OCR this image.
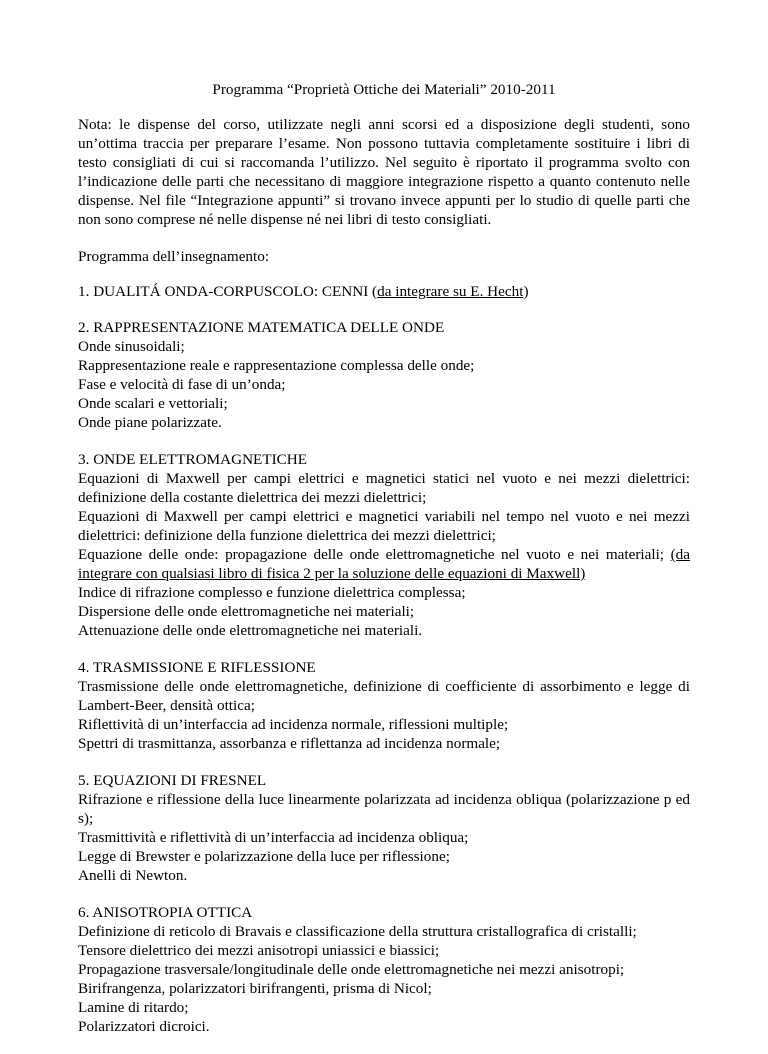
Programma “Proprietà Ottiche dei Materiali” 2010-2011
Nota: le dispense del corso, utilizzate negli anni scorsi ed a disposizione degli studenti, sono un’ottima traccia per preparare l’esame. Non possono tuttavia completamente sostituire i libri di testo consigliati di cui si raccomanda l’utilizzo. Nel seguito è riportato il programma svolto con l’indicazione delle parti che necessitano di maggiore integrazione rispetto a quanto contenuto nelle dispense. Nel file “Integrazione appunti” si trovano invece appunti per lo studio di quelle parti che non sono comprese né nelle dispense né nei libri di testo consigliati.
Programma dell’insegnamento:
1. DUALITÁ ONDA-CORPUSCOLO: CENNI (da integrare su E. Hecht)
2. RAPPRESENTAZIONE MATEMATICA DELLE ONDE
Onde sinusoidali;
Rappresentazione reale e rappresentazione complessa delle onde;
Fase e velocità di fase di un’onda;
Onde scalari e vettoriali;
Onde piane polarizzate.
3. ONDE ELETTROMAGNETICHE
Equazioni di Maxwell per campi elettrici e magnetici statici nel vuoto e nei mezzi dielettrici: definizione della costante dielettrica dei mezzi dielettrici;
Equazioni di Maxwell per campi elettrici e magnetici variabili nel tempo nel vuoto e nei mezzi dielettrici: definizione della funzione dielettrica dei mezzi dielettrici;
Equazione delle onde: propagazione delle onde elettromagnetiche nel vuoto e nei materiali; (da integrare con qualsiasi libro di fisica 2 per la soluzione delle equazioni di Maxwell)
Indice di rifrazione complesso e funzione dielettrica complessa;
Dispersione delle onde elettromagnetiche nei materiali;
Attenuazione delle onde elettromagnetiche nei materiali.
4. TRASMISSIONE E RIFLESSIONE
Trasmissione delle onde elettromagnetiche, definizione di coefficiente di assorbimento e legge di Lambert-Beer, densità ottica;
Riflettività di un’interfaccia ad incidenza normale, riflessioni multiple;
Spettri di trasmittanza, assorbanza e riflettanza ad incidenza normale;
5. EQUAZIONI DI FRESNEL
Rifrazione e riflessione della luce linearmente polarizzata ad incidenza obliqua (polarizzazione p ed s);
Trasmittività e riflettività di un’interfaccia ad incidenza obliqua;
Legge di Brewster e polarizzazione della luce per riflessione;
Anelli di Newton.
6. ANISOTROPIA OTTICA
Definizione di reticolo di Bravais e classificazione della struttura cristallografica di cristalli;
Tensore dielettrico dei mezzi anisotropi uniassici e biassici;
Propagazione trasversale/longitudinale delle onde elettromagnetiche nei mezzi anisotropi;
Birifrangenza, polarizzatori birifrangenti, prisma di Nicol;
Lamine di ritardo;
Polarizzatori dicroici.
